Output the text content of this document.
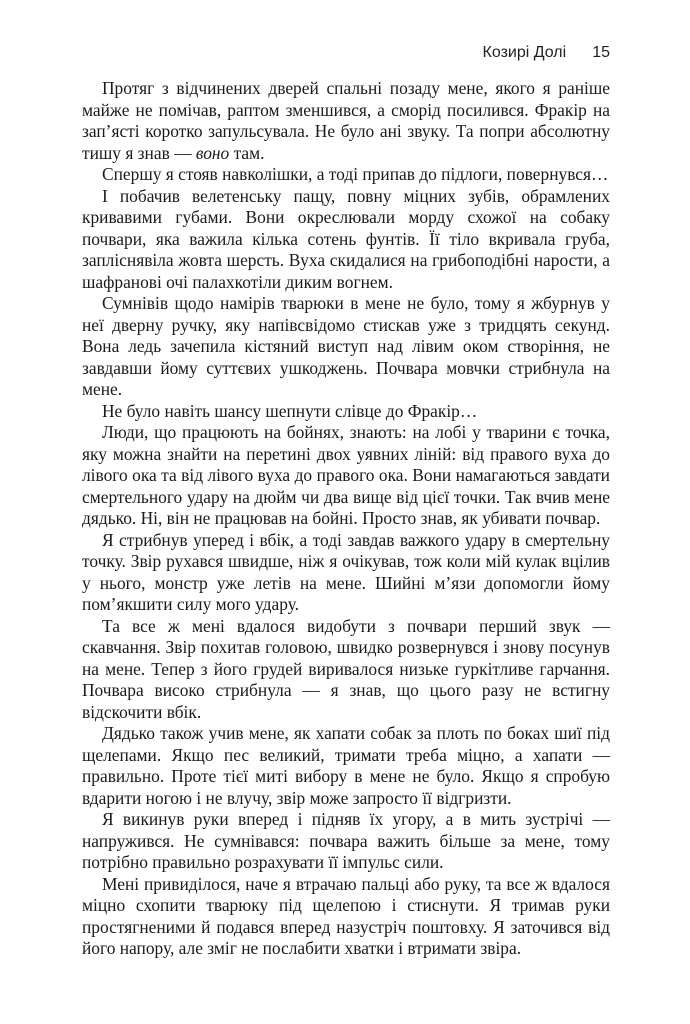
Козирі Долі 15

Протяг з відчинених дверей спальні позаду мене, якого я раніше майже не помічав, раптом зменшився, а сморід посилився. Фракір на зап’ясті коротко запульсувала. Не було ані звуку. Та попри абсолютну тишу я знав — воно там.

Спершу я стояв навколішки, а тоді припав до підлоги, повернувся…

І побачив велетенську пащу, повну міцних зубів, обрамлених кривавими губами. Вони окреслювали морду схожої на собаку почвари, яка важила кілька сотень фунтів. Її тіло вкривала груба, запліснявіла жовта шерсть. Вуха скидалися на грибоподібні нарости, а шафранові очі палахкотіли диким вогнем.

Сумнівів щодо намірів тварюки в мене не було, тому я жбурнув у неї дверну ручку, яку напівсвідомо стискав уже з тридцять секунд. Вона ледь зачепила кістяний виступ над лівим оком створіння, не завдавши йому суттєвих ушкоджень. Почвара мовчки стрибнула на мене.

Не було навіть шансу шепнути слівце до Фракір…

Люди, що працюють на бойнях, знають: на лобі у тварини є точка, яку можна знайти на перетині двох уявних ліній: від правого вуха до лівого ока та від лівого вуха до правого ока. Вони намагаються завдати смертельного удару на дюйм чи два вище від цієї точки. Так вчив мене дядько. Ні, він не працював на бойні. Просто знав, як убивати почвар.

Я стрибнув уперед і вбік, а тоді завдав важкого удару в смертельну точку. Звір рухався швидше, ніж я очікував, тож коли мій кулак вцілив у нього, монстр уже летів на мене. Шийні м’язи допомогли йому пом’якшити силу мого удару.

Та все ж мені вдалося видобути з почвари перший звук — скавчання. Звір похитав головою, швидко розвернувся і знову посунув на мене. Тепер з його грудей виривалося низьке гуркітливе гарчання. Почвара високо стрибнула — я знав, що цього разу не встигну відскочити вбік.

Дядько також учив мене, як хапати собак за плоть по боках шиї під щелепами. Якщо пес великий, тримати треба міцно, а хапати — правильно. Проте тієї миті вибору в мене не було. Якщо я спробую вдарити ногою і не влучу, звір може запросто її відгризти.

Я викинув руки вперед і підняв їх угору, а в мить зустрічі — напружився. Не сумнівався: почвара важить більше за мене, тому потрібно правильно розрахувати її імпульс сили.

Мені привиділося, наче я втрачаю пальці або руку, та все ж вдалося міцно схопити тварюку під щелепою і стиснути. Я тримав руки простягненими й подався вперед назустріч поштовху. Я заточився від його напору, але зміг не послабити хватки і втримати звіра.
